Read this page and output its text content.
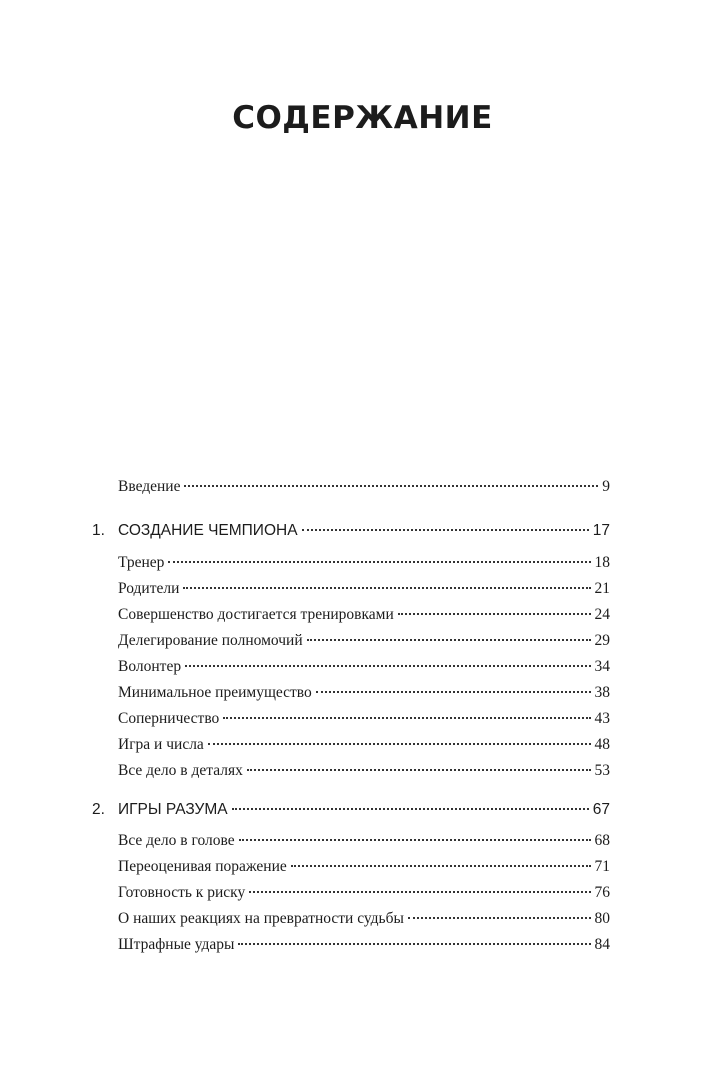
СОДЕРЖАНИЕ
Введение	9
1. СОЗДАНИЕ ЧЕМПИОНА	17
Тренер	18
Родители	21
Совершенство достигается тренировками	24
Делегирование полномочий	29
Волонтер	34
Минимальное преимущество	38
Соперничество	43
Игра и числа	48
Все дело в деталях	53
2. ИГРЫ РАЗУМА	67
Все дело в голове	68
Переоценивая поражение	71
Готовность к риску	76
О наших реакциях на превратности судьбы	80
Штрафные удары	84
